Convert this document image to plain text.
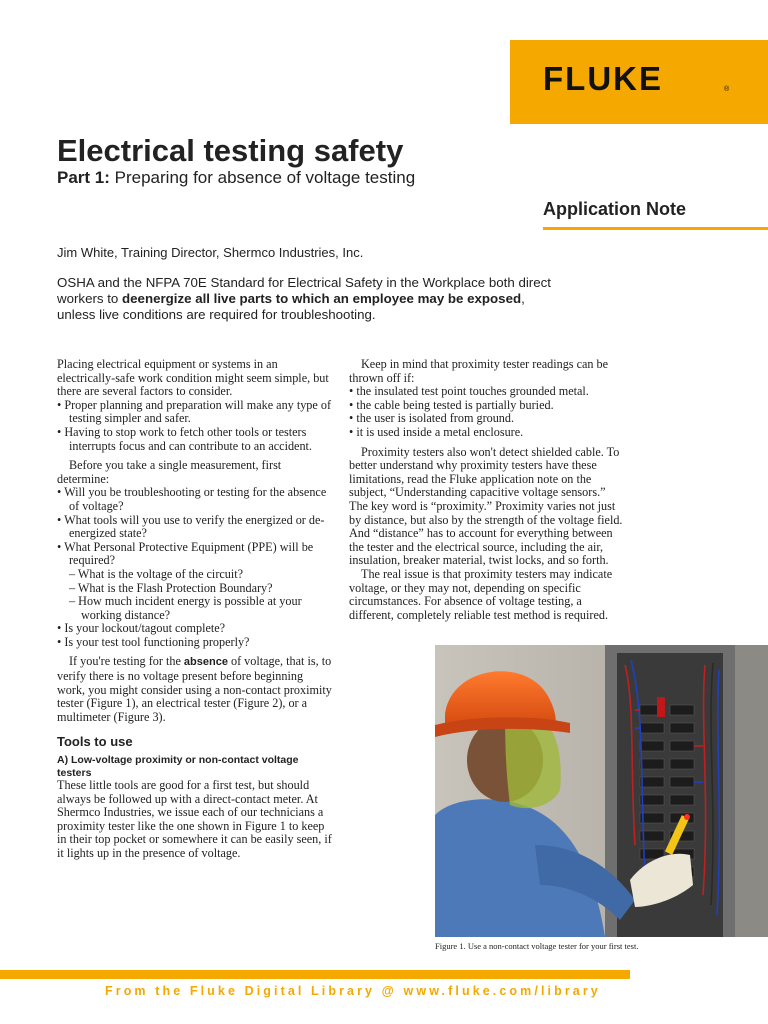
FLUKE	®
Electrical testing safety
Part 1: Preparing for absence of voltage testing
Application Note
Jim White, Training Director, Shermco Industries, Inc.
OSHA and the NFPA 70E Standard for Electrical Safety in the Workplace both direct workers to deenergize all live parts to which an employee may be exposed, unless live conditions are required for troubleshooting.

Placing electrical equipment or systems in an electrically-safe work condition might seem simple, but there are several factors to consider.

• Proper planning and preparation will make any type of testing simpler and safer.

• Having to stop work to fetch other tools or testers interrupts focus and can contribute to an accident.

Before you take a single measurement, first determine:

• Will you be troubleshooting or testing for the absence of voltage?

• What tools will you use to verify the energized or de-energized state?

• What Personal Protective Equipment (PPE) will be required?

– What is the voltage of the circuit?

– What is the Flash Protection Boundary?

– How much incident energy is possible at your working distance?

• Is your lockout/tagout complete?

• Is your test tool functioning properly?

If you're testing for the absence of voltage, that is, to verify there is no voltage present before beginning work, you might consider using a non-contact proximity tester (Figure 1), an electrical tester (Figure 2), or a multimeter (Figure 3).

Tools to use

A) Low-voltage proximity or non-contact voltage testers

These little tools are good for a first test, but should always be followed up with a direct-contact meter. At Shermco Industries, we issue each of our technicians a proximity tester like the one shown in Figure 1 to keep in their top pocket or somewhere it can be easily seen, if it lights up in the presence of voltage.

Keep in mind that proximity tester readings can be thrown off if:

• the insulated test point touches grounded metal.

• the cable being tested is partially buried.

• the user is isolated from ground.

• it is used inside a metal enclosure.

Proximity testers also won't detect shielded cable. To better understand why proximity testers have these limitations, read the Fluke application note on the subject, “Understanding capacitive voltage sensors.” The key word is “proximity.” Proximity varies not just by distance, but also by the strength of the voltage field. And “distance” has to account for everything between the tester and the electrical source, including the air, insulation, breaker material, twist locks, and so forth.

The real issue is that proximity testers may indicate voltage, or they may not, depending on specific circumstances. For absence of voltage testing, a different, completely reliable test method is required.

Figure 1. Use a non-contact voltage tester for your first test.
From the Fluke Digital Library @ www.fluke.com/library
